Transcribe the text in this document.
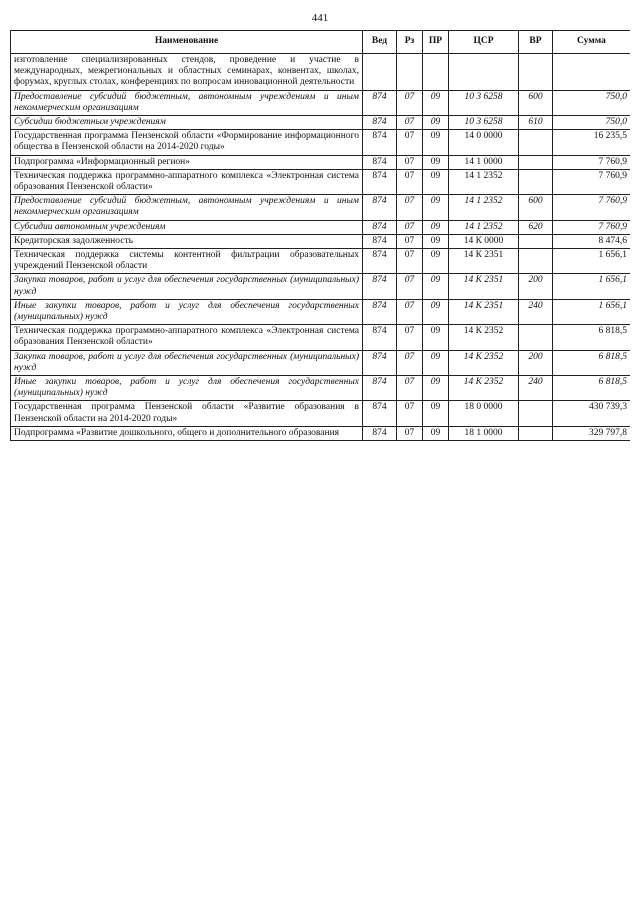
441
Наименование	Вед	Рз	ПР	ЦСР	ВР	Сумма
изготовление специализированных стендов, проведение и участие в международных, межрегиональных и областных семинарах, конвентах, школах, форумах, круглых столах, конференциях по вопросам инновационной деятельности						
Предоставление субсидий бюджетным, автономным учреждениям и иным некоммерческим организациям	874	07	09	10 3 6258	600	750,0
Субсидии бюджетным учреждениям	874	07	09	10 3 6258	610	750,0
Государственная программа Пензенской области «Формирование информационного общества в Пензенской области на 2014-2020 годы»	874	07	09	14 0 0000		16 235,5
Подпрограмма «Информационный регион»	874	07	09	14 1 0000		7 760,9
Техническая поддержка программно-аппаратного комплекса «Электронная система образования Пензенской области»	874	07	09	14 1 2352		7 760,9
Предоставление субсидий бюджетным, автономным учреждениям и иным некоммерческим организациям	874	07	09	14 1 2352	600	7 760,9
Субсидии автономным учреждениям	874	07	09	14 1 2352	620	7 760,9
Кредиторская задолженность	874	07	09	14 К 0000		8 474,6
Техническая поддержка системы контентной фильтрации образовательных учреждений Пензенской области	874	07	09	14 К 2351		1 656,1
Закупка товаров, работ и услуг для обеспечения государственных (муниципальных) нужд	874	07	09	14 К 2351	200	1 656,1
Иные закупки товаров, работ и услуг для обеспечения государственных (муниципальных) нужд	874	07	09	14 К 2351	240	1 656,1
Техническая поддержка программно-аппаратного комплекса «Электронная система образования Пензенской области»	874	07	09	14 К 2352		6 818,5
Закупка товаров, работ и услуг для обеспечения государственных (муниципальных) нужд	874	07	09	14 К 2352	200	6 818,5
Иные закупки товаров, работ и услуг для обеспечения государственных (муниципальных) нужд	874	07	09	14 К 2352	240	6 818,5
Государственная программа Пензенской области «Развитие образования в Пензенской области на 2014-2020 годы»	874	07	09	18 0 0000		430 739,3
Подпрограмма «Развитие дошкольного, общего и дополнительного образования	874	07	09	18 1 0000		329 797,8
